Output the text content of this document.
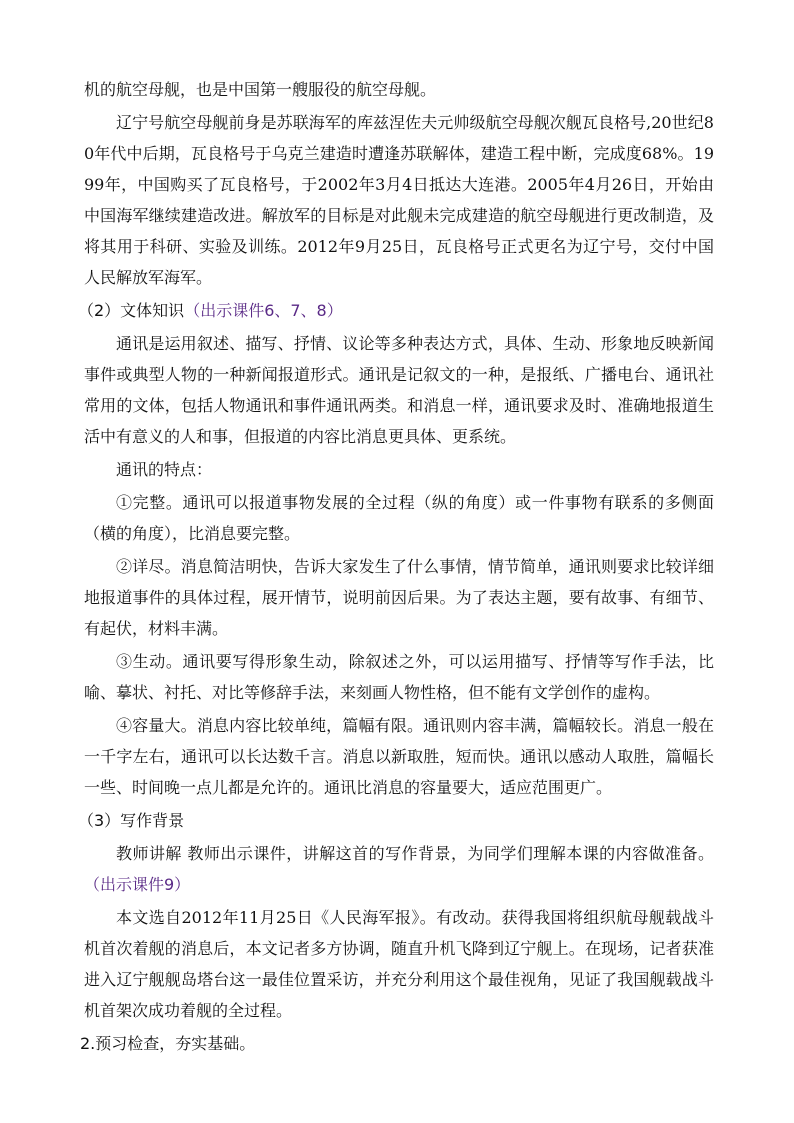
机的航空母舰，也是中国第一艘服役的航空母舰。

辽宁号航空母舰前身是苏联海军的库兹涅佐夫元帅级航空母舰次舰瓦良格号,20世纪80年代中后期，瓦良格号于乌克兰建造时遭逢苏联解体，建造工程中断，完成度68%。1999年，中国购买了瓦良格号，于2002年3月4日抵达大连港。2005年4月26日，开始由中国海军继续建造改进。解放军的目标是对此舰未完成建造的航空母舰进行更改制造，及将其用于科研、实验及训练。2012年9月25日，瓦良格号正式更名为辽宁号，交付中国人民解放军海军。

（2）文体知识（出示课件6、7、8）

通讯是运用叙述、描写、抒情、议论等多种表达方式，具体、生动、形象地反映新闻事件或典型人物的一种新闻报道形式。通讯是记叙文的一种，是报纸、广播电台、通讯社常用的文体，包括人物通讯和事件通讯两类。和消息一样，通讯要求及时、准确地报道生活中有意义的人和事，但报道的内容比消息更具体、更系统。

通讯的特点：

①完整。通讯可以报道事物发展的全过程（纵的角度）或一件事物有联系的多侧面（横的角度），比消息要完整。

②详尽。消息简洁明快，告诉大家发生了什么事情，情节简单，通讯则要求比较详细地报道事件的具体过程，展开情节，说明前因后果。为了表达主题，要有故事、有细节、有起伏，材料丰满。

③生动。通讯要写得形象生动，除叙述之外，可以运用描写、抒情等写作手法，比喻、摹状、衬托、对比等修辞手法，来刻画人物性格，但不能有文学创作的虚构。

④容量大。消息内容比较单纯，篇幅有限。通讯则内容丰满，篇幅较长。消息一般在一千字左右，通讯可以长达数千言。消息以新取胜，短而快。通讯以感动人取胜，篇幅长一些、时间晚一点儿都是允许的。通讯比消息的容量要大，适应范围更广。

（3）写作背景

教师讲解 教师出示课件，讲解这首的写作背景，为同学们理解本课的内容做准备。（出示课件9）

本文选自2012年11月25日《人民海军报》。有改动。获得我国将组织航母舰载战斗机首次着舰的消息后，本文记者多方协调，随直升机飞降到辽宁舰上。在现场，记者获准进入辽宁舰舰岛塔台这一最佳位置采访，并充分利用这个最佳视角，见证了我国舰载战斗机首架次成功着舰的全过程。

2.预习检查，夯实基础。
